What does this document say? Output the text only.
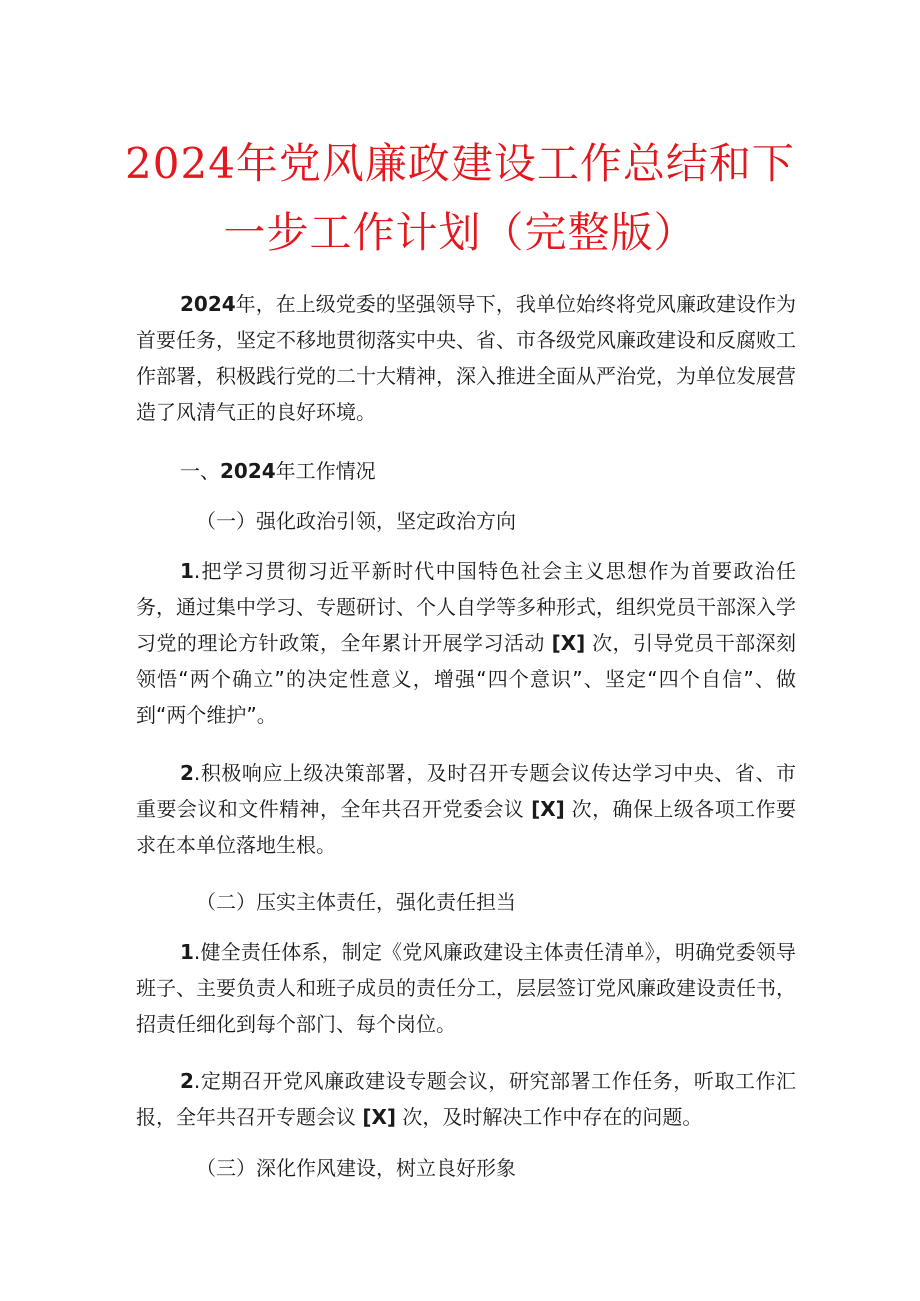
2024年党风廉政建设工作总结和下
一步工作计划（完整版）
2024年，在上级党委的坚强领导下，我单位始终将党风廉政建设作为首要任务，坚定不移地贯彻落实中央、省、市各级党风廉政建设和反腐败工作部署，积极践行党的二十大精神，深入推进全面从严治党，为单位发展营造了风清气正的良好环境。
一、2024年工作情况
（一）强化政治引领，坚定政治方向
1.把学习贯彻习近平新时代中国特色社会主义思想作为首要政治任务，通过集中学习、专题研讨、个人自学等多种形式，组织党员干部深入学习党的理论方针政策，全年累计开展学习活动 [X] 次，引导党员干部深刻领悟“两个确立”的决定性意义，增强“四个意识”、坚定“四个自信”、做到“两个维护”。
2.积极响应上级决策部署，及时召开专题会议传达学习中央、省、市重要会议和文件精神，全年共召开党委会议 [X] 次，确保上级各项工作要求在本单位落地生根。
（二）压实主体责任，强化责任担当
1.健全责任体系，制定《党风廉政建设主体责任清单》，明确党委领导班子、主要负责人和班子成员的责任分工，层层签订党风廉政建设责任书，招责任细化到每个部门、每个岗位。
2.定期召开党风廉政建设专题会议，研究部署工作任务，听取工作汇报，全年共召开专题会议 [X] 次，及时解决工作中存在的问题。
（三）深化作风建设，树立良好形象
